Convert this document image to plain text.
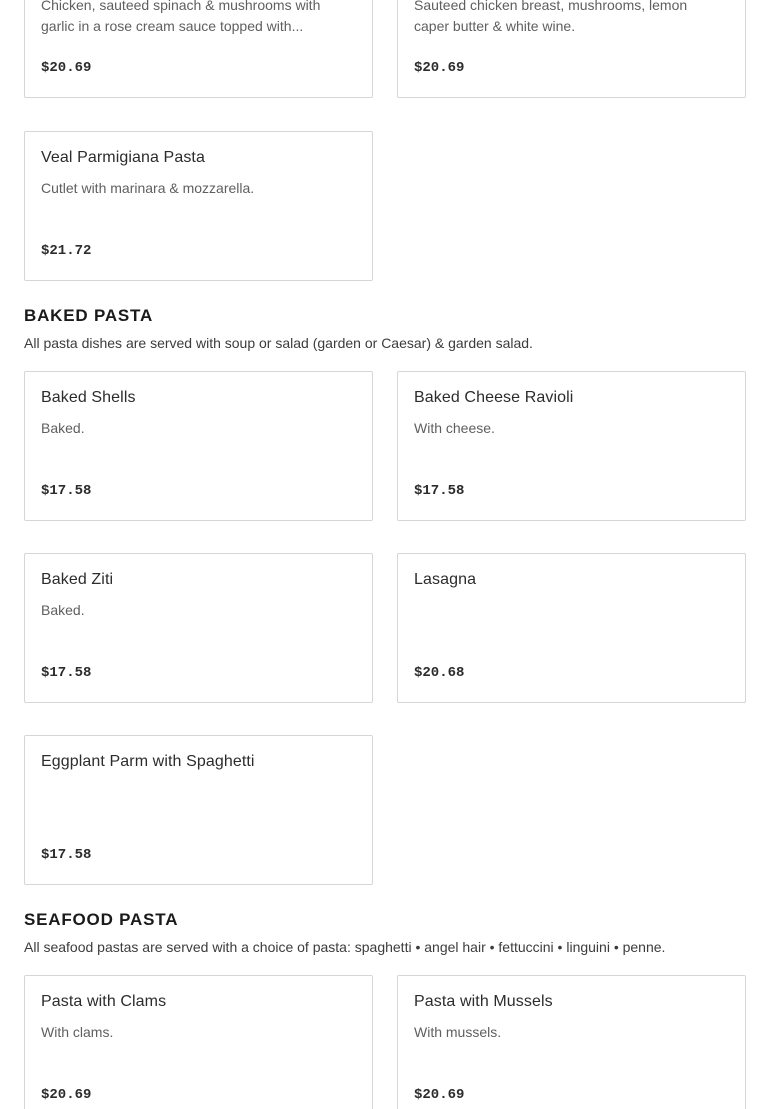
Chicken, sauteed spinach & mushrooms with garlic in a rose cream sauce topped with...
$20.69
Sauteed chicken breast, mushrooms, lemon caper butter & white wine.
$20.69
Veal Parmigiana Pasta
Cutlet with marinara & mozzarella.
$21.72
BAKED PASTA
All pasta dishes are served with soup or salad (garden or Caesar) & garden salad.
Baked Shells
Baked.
$17.58
Baked Cheese Ravioli
With cheese.
$17.58
Baked Ziti
Baked.
$17.58
Lasagna
$20.68
Eggplant Parm with Spaghetti
$17.58
SEAFOOD PASTA
All seafood pastas are served with a choice of pasta: spaghetti • angel hair • fettuccini • linguini • penne.
Pasta with Clams
With clams.
$20.69
Pasta with Mussels
With mussels.
$20.69
